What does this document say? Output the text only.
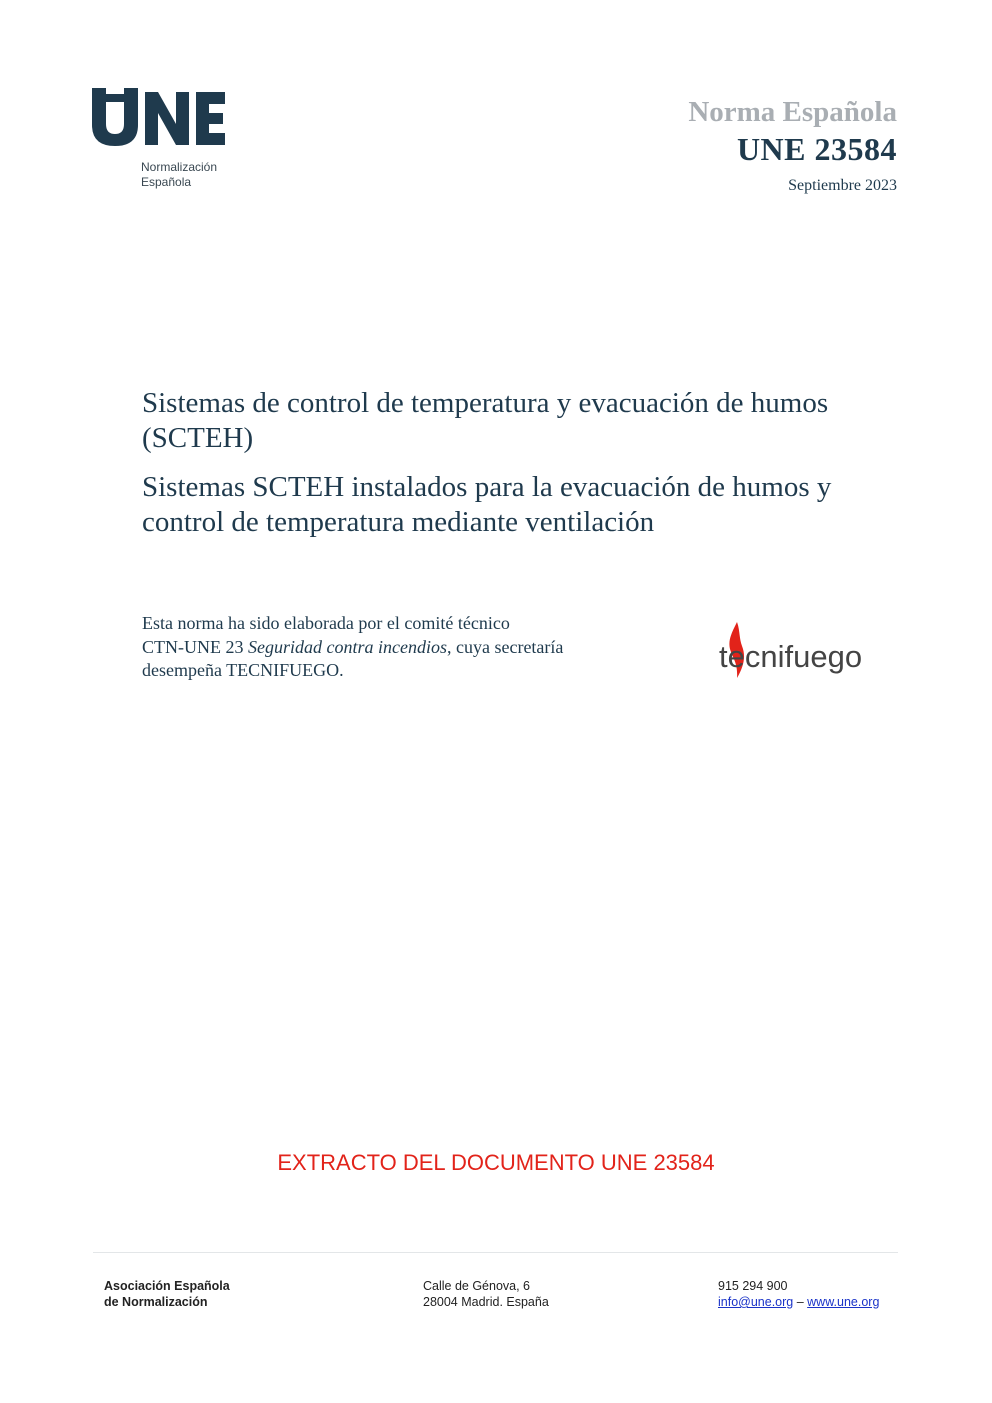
Normalización
Española
Norma Española
UNE 23584
Septiembre 2023
Sistemas de control de temperatura y evacuación de humos (SCTEH)
Sistemas SCTEH instalados para la evacuación de humos y control de temperatura mediante ventilación
Esta norma ha sido elaborada por el comité técnico
CTN-UNE 23 Seguridad contra incendios, cuya secretaría
desempeña TECNIFUEGO.	tecnifuego
EXTRACTO DEL DOCUMENTO UNE 23584
Asociación Española
de Normalización
Calle de Génova, 6
28004 Madrid. España
915 294 900
info@une.org – www.une.org
